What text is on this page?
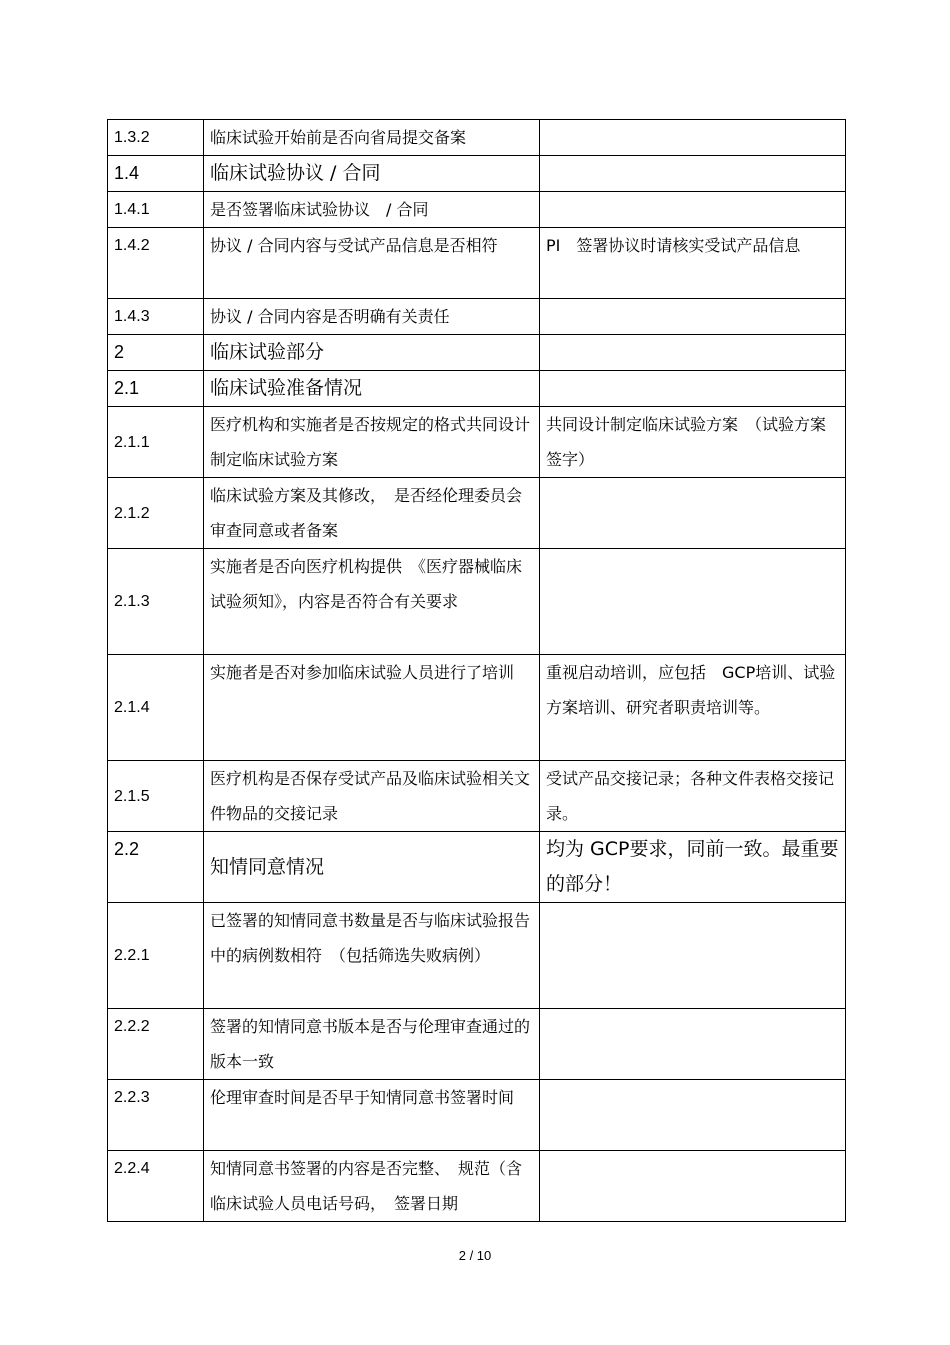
1.3.2	临床试验开始前是否向省局提交备案	
1.4	临床试验协议 / 合同	
1.4.1	是否签署临床试验协议　/ 合同	
1.4.2	协议 / 合同内容与受试产品信息是否相符	PI　签署协议时请核实受试产品信息
1.4.3	协议 / 合同内容是否明确有关责任	
2	临床试验部分	
2.1	临床试验准备情况	
2.1.1	医疗机构和实施者是否按规定的格式共同设计制定临床试验方案	共同设计制定临床试验方案　（试验方案签字）
2.1.2	临床试验方案及其修改，　是否经伦理委员会审查同意或者备案	
2.1.3	实施者是否向医疗机构提供　《医疗器械临床试验须知》，内容是否符合有关要求	
2.1.4	实施者是否对参加临床试验人员进行了培训	重视启动培训，应包括　GCP培训、试验方案培训、研究者职责培训等。
2.1.5	医疗机构是否保存受试产品及临床试验相关文件物品的交接记录	受试产品交接记录；各种文件表格交接记录。
2.2	知情同意情况	均为 GCP要求，同前一致。最重要的部分！
2.2.1	已签署的知情同意书数量是否与临床试验报告中的病例数相符　（包括筛选失败病例）	
2.2.2	签署的知情同意书版本是否与伦理审查通过的版本一致	
2.2.3	伦理审查时间是否早于知情同意书签署时间	
2.2.4	知情同意书签署的内容是否完整、　规范（含临床试验人员电话号码，　签署日期	
2 / 10
